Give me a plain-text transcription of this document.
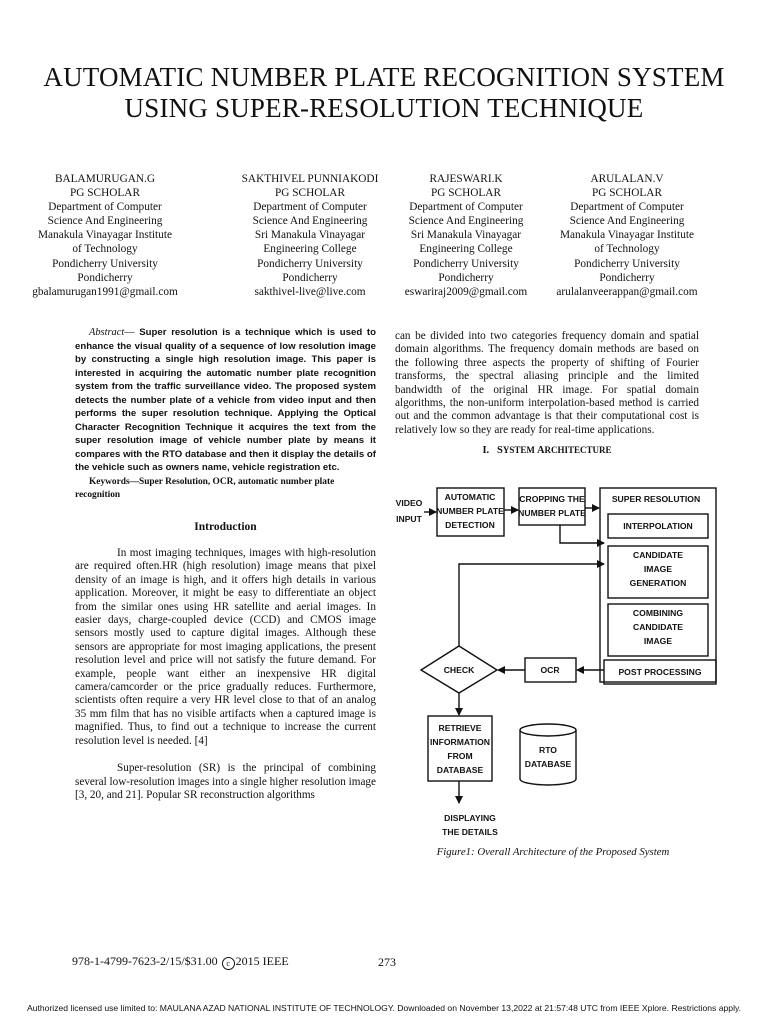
AUTOMATIC NUMBER PLATE RECOGNITION SYSTEM USING SUPER-RESOLUTION TECHNIQUE
BALAMURUGAN.G
PG SCHOLAR
Department of Computer
Science And Engineering
Manakula Vinayagar Institute
of Technology
Pondicherry University
Pondicherry
gbalamurugan1991@gmail.com
SAKTHIVEL PUNNIAKODI
PG SCHOLAR
Department of Computer
Science And Engineering
Sri Manakula Vinayagar
Engineering College
Pondicherry University
Pondicherry
sakthivel-live@live.com
RAJESWARI.K
PG SCHOLAR
Department of Computer
Science And Engineering
Sri Manakula Vinayagar
Engineering College
Pondicherry University
Pondicherry
eswariraj2009@gmail.com
ARULALAN.V
PG SCHOLAR
Department of Computer
Science And Engineering
Manakula Vinayagar Institute
of Technology
Pondicherry University
Pondicherry
arulalanveerappan@gmail.com

Abstract— Super resolution is a technique which is used to enhance the visual quality of a sequence of low resolution image by constructing a single high resolution image. This paper is interested in acquiring the automatic number plate recognition system from the traffic surveillance video. The proposed system detects the number plate of a vehicle from video input and then performs the super resolution technique. Applying the Optical Character Recognition Technique it acquires the text from the super resolution image of vehicle number plate by means it compares with the RTO database and then it display the details of the vehicle such as owners name, vehicle registration etc.

Keywords—Super Resolution, OCR, automatic number plate recognition

Introduction

In most imaging techniques, images with high-resolution are required often.HR (high resolution) image means that pixel density of an image is high, and it offers high details in various application. Moreover, it might be easy to differentiate an object from the similar ones using HR satellite and aerial images. In easier days, charge-coupled device (CCD) and CMOS image sensors mostly used to capture digital images. Although these sensors are appropriate for most imaging applications, the present resolution level and price will not satisfy the future demand. For example, people want either an inexpensive HR digital camera/camcorder or the price gradually reduces. Furthermore, scientists often require a very HR level close to that of an analog 35 mm film that has no visible artifacts when a captured image is magnified. Thus, to find out a technique to increase the current resolution level is needed. [4]

Super-resolution (SR) is the principal of combining several low-resolution images into a single higher resolution image [3, 20, and 21]. Popular SR reconstruction algorithms

can be divided into two categories frequency domain and spatial domain algorithms. The frequency domain methods are based on the following three aspects the property of shifting of Fourier transforms, the spectral aliasing principle and the limited bandwidth of the original HR image. For spatial domain algorithms, the non-uniform interpolation-based method is carried out and the common advantage is that their computational cost is relatively low so they are ready for real-time applications.

I. SYSTEM ARCHITECTURE
VIDEO
INPUT
AUTOMATIC
NUMBER PLATE
DETECTION
CROPPING THE
NUMBER PLATE
SUPER RESOLUTION
INTERPOLATION
CANDIDATE
IMAGE
GENERATION
COMBINING
CANDIDATE
IMAGE
POST PROCESSING
OCR
CHECK
RETRIEVE
INFORMATION
FROM
DATABASE
RTO
DATABASE
DISPLAYING
THE DETAILS
Figure1: Overall Architecture of the Proposed System
978-1-4799-7623-2/15/$31.00 c 2015 IEEE	273
Authorized licensed use limited to: MAULANA AZAD NATIONAL INSTITUTE OF TECHNOLOGY. Downloaded on November 13,2022 at 21:57:48 UTC from IEEE Xplore. Restrictions apply.
